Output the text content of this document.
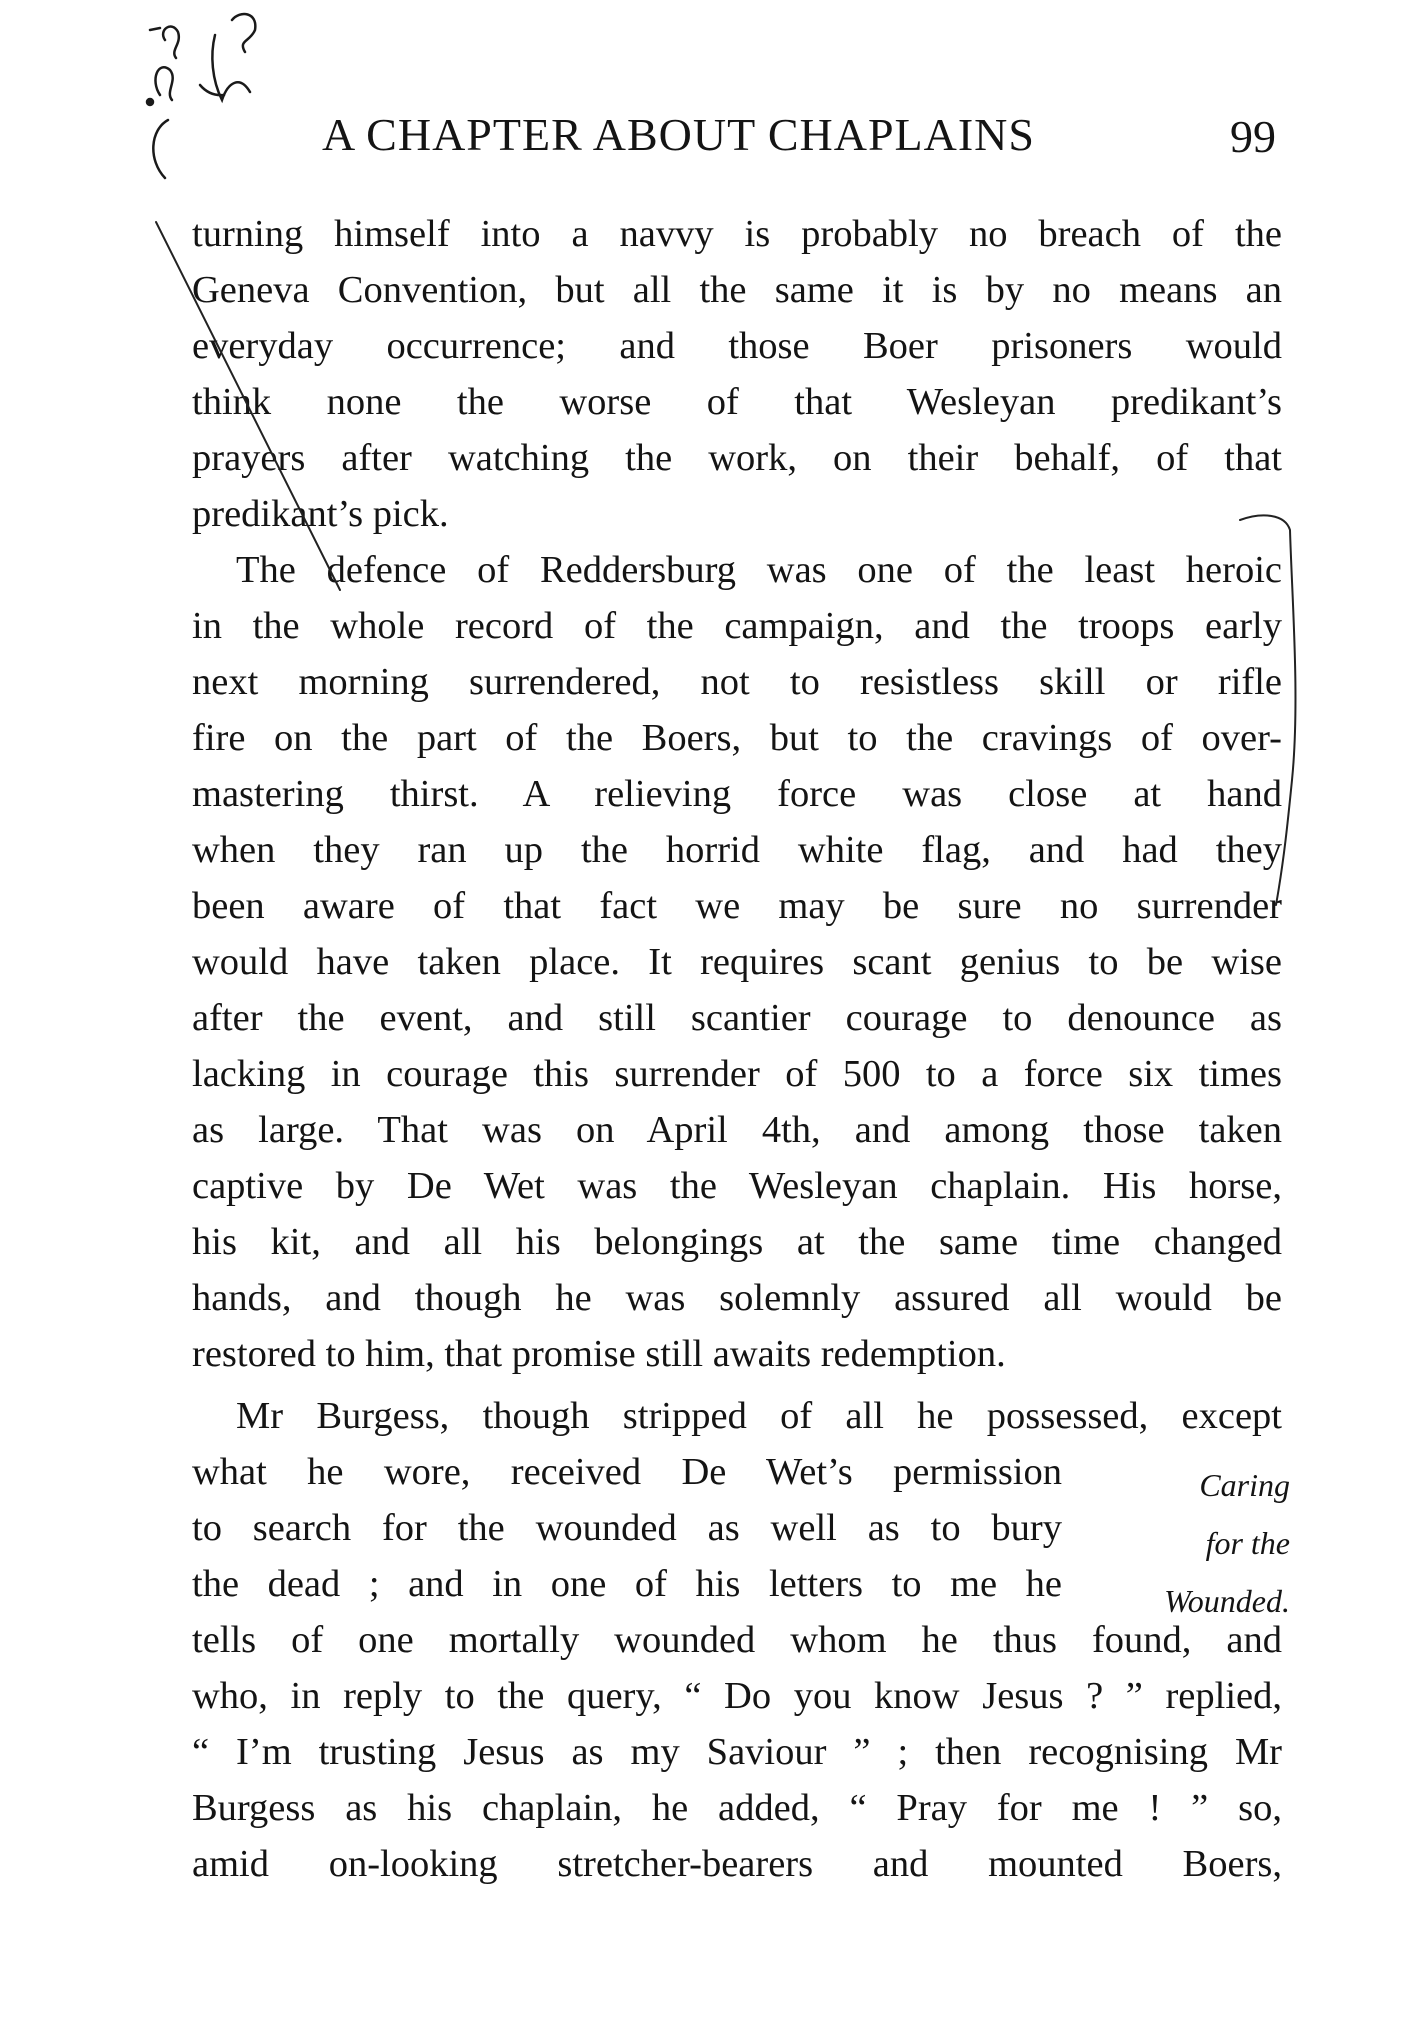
A CHAPTER ABOUT CHAPLAINS	99
turning himself into a navvy is probably no breach of the
Geneva Convention, but all the same it is by no means an
everyday occurrence; and those Boer prisoners would
think none the worse of that Wesleyan predikant’s
prayers after watching the work, on their behalf, of that
predikant’s pick.
The defence of Reddersburg was one of the least heroic
in the whole record of the campaign, and the troops early
next morning surrendered, not to resistless skill or rifle
fire on the part of the Boers, but to the cravings of over-
mastering thirst. A relieving force was close at hand
when they ran up the horrid white flag, and had they
been aware of that fact we may be sure no surrender
would have taken place. It requires scant genius to be wise
after the event, and still scantier courage to denounce as
lacking in courage this surrender of 500 to a force six times
as large. That was on April 4th, and among those taken
captive by De Wet was the Wesleyan chaplain. His horse,
his kit, and all his belongings at the same time changed
hands, and though he was solemnly assured all would be
restored to him, that promise still awaits redemption.
Mr Burgess, though stripped of all he possessed, except
what he wore, received De Wet’s permission
to search for the wounded as well as to bury
the dead ; and in one of his letters to me he
tells of one mortally wounded whom he thus found, and
who, in reply to the query, “ Do you know Jesus ? ” replied,
“ I’m trusting Jesus as my Saviour ” ; then recognising Mr
Burgess as his chaplain, he added, “ Pray for me ! ” so,
amid on-looking stretcher-bearers and mounted Boers,
Caring
for the
Wounded.
